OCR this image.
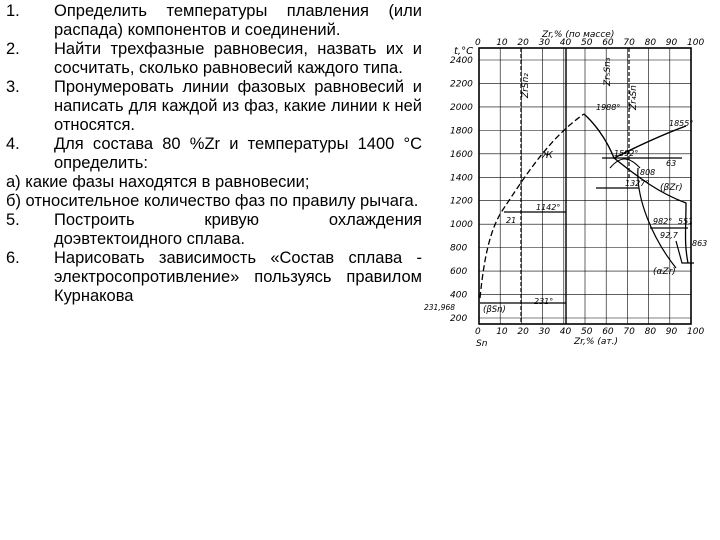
1. Определить температуры плавления (или распада) компонентов и соединений.
2. Найти трехфазные равновесия, назвать их и сосчитать, сколько равновесий каждого типа.
3. Пронумеровать линии фазовых равновесий и написать для каждой из фаз, какие линии к ней относятся.
4. Для состава 80 %Zr и температуры 1400 °С определить:
а) какие фазы находятся в равновесии;
б) относительное количество фаз по правилу рычага.
5. Построить кривую охлаждения доэвтектоидного сплава.
6. Нарисовать зависимость «Состав сплава - электросопротивление» пользуясь правилом Курнакова
0 10 20 30 40 50 60 70 80 90 100
0 10 20 30 40 50 60 70 80 90 100
2400
2200
2000
1800
1600
1400
1200
1000
800
600
400
200
Zr,% (по массе)
t,°C
Zr,% (ат.)
Sn
ZrSn₂	Zr₅Sn₃
Zr₄Sn
Ж
(βZr)
(αZr)
(βSn)
1988°
1855°
1592°
1327°
1142°
982°
863
231,968
231°
21
63
808
92,7
551
